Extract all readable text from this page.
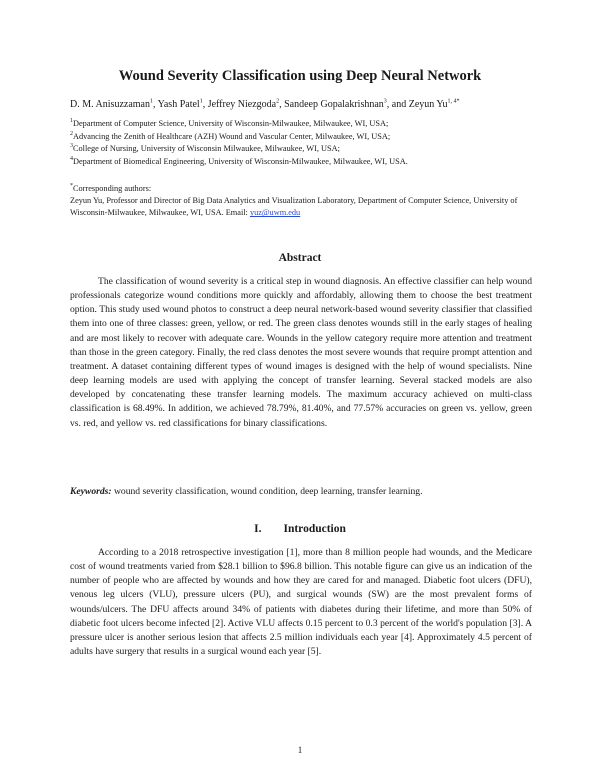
Wound Severity Classification using Deep Neural Network
D. M. Anisuzzaman$^1$, Yash Patel$^1$, Jeffrey Niezgoda$^2$, Sandeep Gopalakrishnan$^3$, and Zeyun $Yu^{1, 4*}$
$^1$Department of Computer Science, University of Wisconsin-Milwaukee, Milwaukee, WI, USA;
$^2$Advancing the Zenith of Healthcare (AZH) Wound and Vascular Center, Milwaukee, WI, USA;
$^3$College of Nursing, University of Wisconsin Milwaukee, Milwaukee, WI, USA;
$^4$Department of Biomedical Engineering, University of Wisconsin-Milwaukee, Milwaukee, WI, USA.
*Corresponding authors:
Zeyun Yu, Professor and Director of Big Data Analytics and Visualization Laboratory, Department of Computer Science, University of Wisconsin-Milwaukee, Milwaukee, WI, USA. Email: yuz@uwm.edu
Abstract

The classification of wound severity is a critical step in wound diagnosis. An effective classifier can help wound professionals categorize wound conditions more quickly and affordably, allowing them to choose the best treatment option. This study used wound photos to construct a deep neural network-based wound severity classifier that classified them into one of three classes: green, yellow, or red. The green class denotes wounds still in the early stages of healing and are most likely to recover with adequate care. Wounds in the yellow category require more attention and treatment than those in the green category. Finally, the red class denotes the most severe wounds that require prompt attention and treatment. A dataset containing different types of wound images is designed with the help of wound specialists. Nine deep learning models are used with applying the concept of transfer learning. Several stacked models are also developed by concatenating these transfer learning models. The maximum accuracy achieved on multi-class classification is 68.49%. In addition, we achieved 78.79%, 81.40%, and 77.57% accuracies on green vs. yellow, green vs. red, and yellow vs. red classifications for binary classifications.

Keywords: wound severity classification, wound condition, deep learning, transfer learning.
I. Introduction

According to a 2018 retrospective investigation [1], more than 8 million people had wounds, and the Medicare cost of wound treatments varied from $28.1 billion to $96.8 billion. This notable figure can give us an indication of the number of people who are affected by wounds and how they are cared for and managed. Diabetic foot ulcers (DFU), venous leg ulcers (VLU), pressure ulcers (PU), and surgical wounds (SW) are the most prevalent forms of wounds/ulcers. The DFU affects around 34% of patients with diabetes during their lifetime, and more than 50% of diabetic foot ulcers become infected [2]. Active VLU affects 0.15 percent to 0.3 percent of the world's population [3]. A pressure ulcer is another serious lesion that affects 2.5 million individuals each year [4]. Approximately 4.5 percent of adults have surgery that results in a surgical wound each year [5].

1
